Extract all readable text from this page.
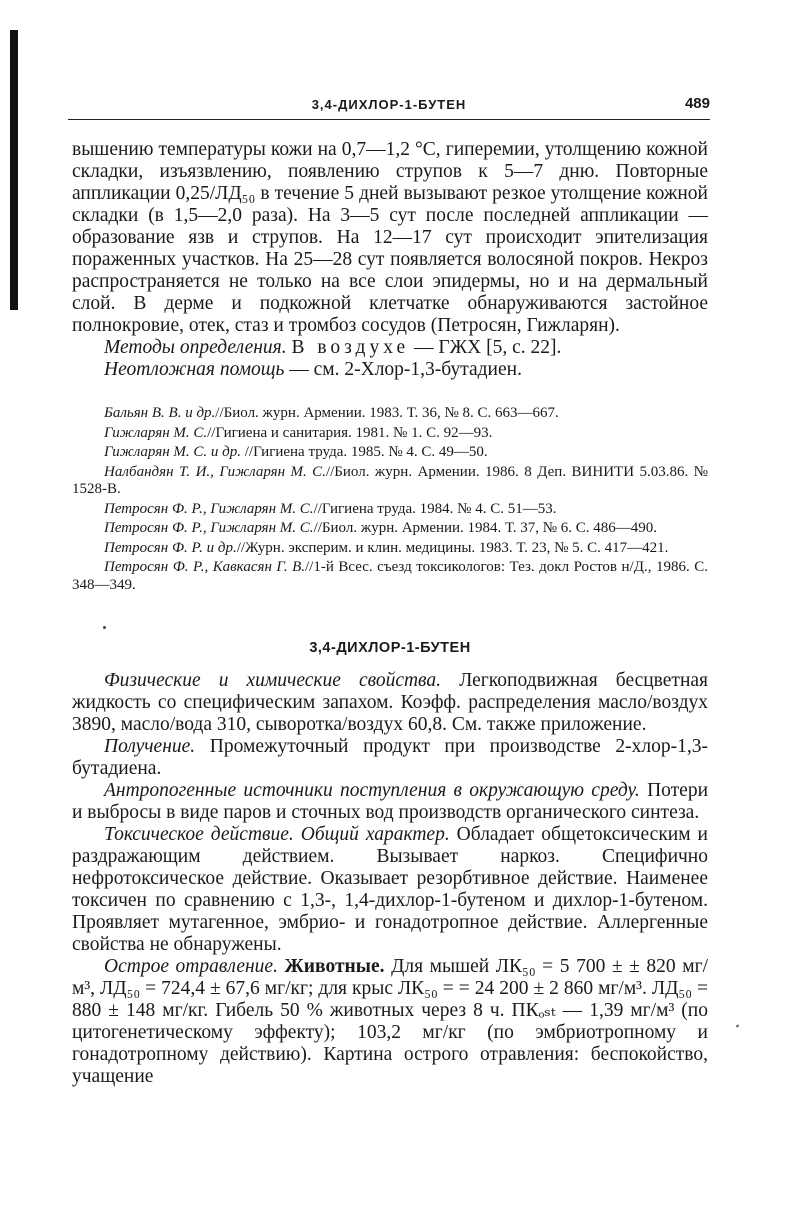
3,4-ДИХЛОР-1-БУТЕН	489

вышению температуры кожи на 0,7—1,2 °С, гиперемии, утолщению кожной складки, изъязвлению, появлению струпов к 5—7 дню. Повторные аппликации 0,25/ЛД₅₀ в течение 5 дней вызывают резкое утолщение кожной складки (в 1,5—2,0 раза). На 3—5 сут после последней аппликации — образование язв и струпов. На 12—17 сут происходит эпителизация пораженных участков. На 25—28 сут появляется волосяной покров. Некроз распространяется не только на все слои эпидермы, но и на дермальный слой. В дерме и подкожной клетчатке обнаруживаются застойное полнокровие, отек, стаз и тромбоз сосудов (Петросян, Гижларян).

Методы определения. В воздухе — ГЖХ [5, с. 22].

Неотложная помощь — см. 2-Хлор-1,3-бутадиен.

Бальян В. В. и др.//Биол. журн. Армении. 1983. Т. 36, № 8. С. 663—667.

Гижларян М. С.//Гигиена и санитария. 1981. № 1. С. 92—93.

Гижларян М. С. и др. //Гигиена труда. 1985. № 4. С. 49—50.

Налбандян Т. И., Гижларян М. С.//Биол. журн. Армении. 1986. 8 Деп. ВИНИТИ 5.03.86. № 1528-В.

Петросян Ф. Р., Гижларян М. С.//Гигиена труда. 1984. № 4. С. 51—53.

Петросян Ф. Р., Гижларян М. С.//Биол. журн. Армении. 1984. Т. 37, № 6. С. 486—490.

Петросян Ф. Р. и др.//Журн. эксперим. и клин. медицины. 1983. Т. 23, № 5. С. 417—421.

Петросян Ф. Р., Кавкасян Г. В.//1-й Всес. съезд токсикологов: Тез. докл Ростов н/Д., 1986. С. 348—349.

3,4-ДИХЛОР-1-БУТЕН

Физические и химические свойства. Легкоподвижная бесцветная жидкость со специфическим запахом. Коэфф. распределения масло/воздух 3890, масло/вода 310, сыворотка/воздух 60,8. См. также приложение.

Получение. Промежуточный продукт при производстве 2-хлор-1,3-бутадиена.

Антропогенные источники поступления в окружающую среду. Потери и выбросы в виде паров и сточных вод производств органического синтеза.

Токсическое действие. Общий характер. Обладает общетоксическим и раздражающим действием. Вызывает наркоз. Специфично нефротоксическое действие. Оказывает резорбтивное действие. Наименее токсичен по сравнению с 1,3-, 1,4-дихлор-1-бутеном и дихлор-1-бутеном. Проявляет мутагенное, эмбрио- и гонадотропное действие. Аллергенные свойства не обнаружены.

Острое отравление. Животные. Для мышей ЛК₅₀ = 5 700 ± ± 820 мг/м³, ЛД₅₀ = 724,4 ± 67,6 мг/кг; для крыс ЛК₅₀ = = 24 200 ± 2 860 мг/м³. ЛД₅₀ = 880 ± 148 мг/кг. Гибель 50 % животных через 8 ч. ПКₒₛₜ — 1,39 мг/м³ (по цитогенетическому эффекту); 103,2 мг/кг (по эмбриотропному и гонадотропному действию). Картина острого отравления: беспокойство, учащение
